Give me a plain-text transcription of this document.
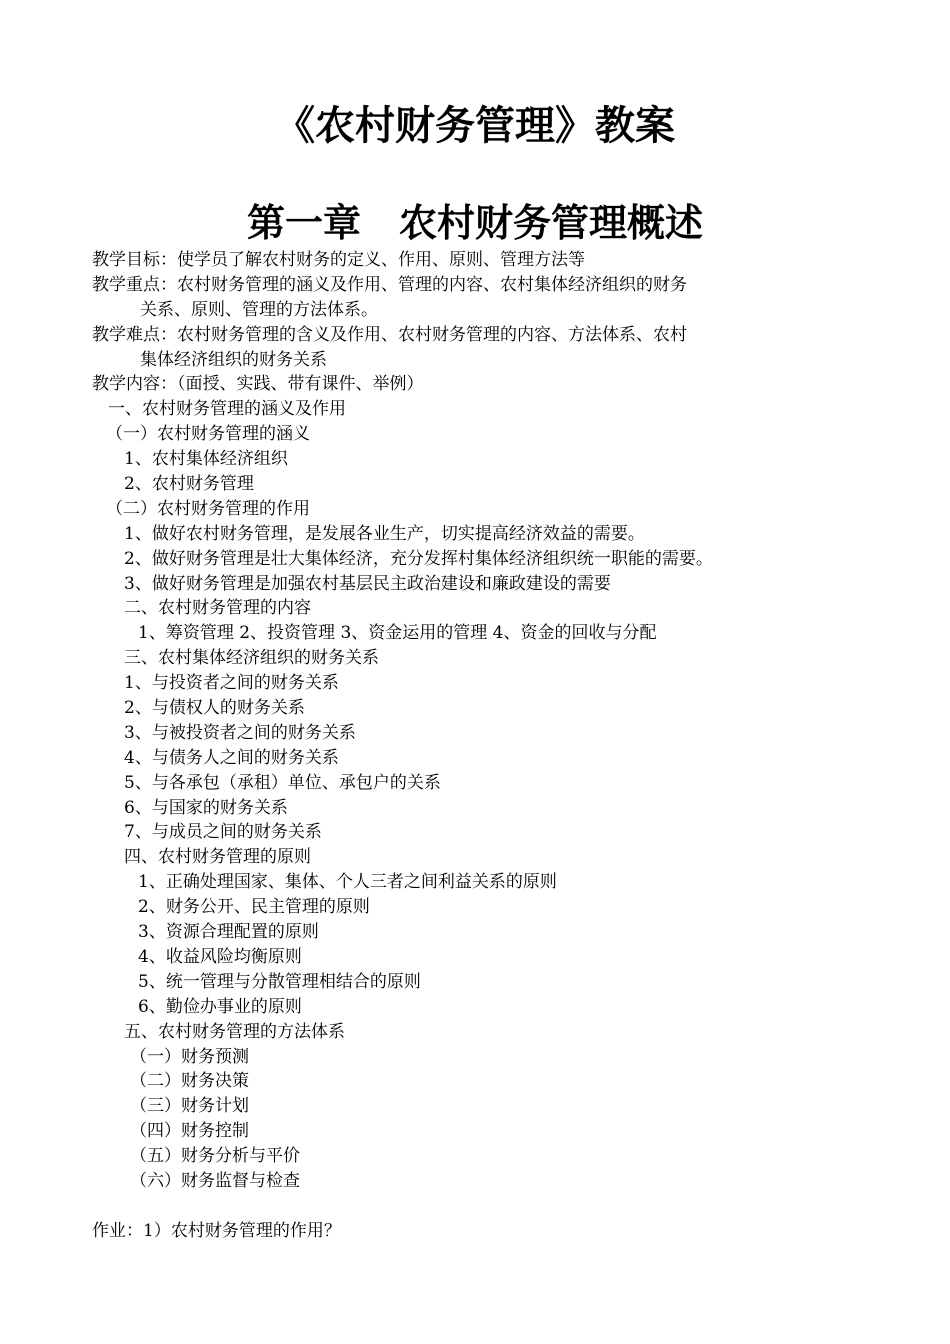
《农村财务管理》教案
第一章　农村财务管理概述
教学目标：使学员了解农村财务的定义、作用、原则、管理方法等
教学重点：农村财务管理的涵义及作用、管理的内容、农村集体经济组织的财务
关系、原则、管理的方法体系。
教学难点：农村财务管理的含义及作用、农村财务管理的内容、方法体系、农村
集体经济组织的财务关系
教学内容：（面授、实践、带有课件、举例）
一、农村财务管理的涵义及作用
（一）农村财务管理的涵义
1、农村集体经济组织
2、农村财务管理
（二）农村财务管理的作用
1、做好农村财务管理，是发展各业生产，切实提高经济效益的需要。
2、做好财务管理是壮大集体经济，充分发挥村集体经济组织统一职能的需要。
3、做好财务管理是加强农村基层民主政治建设和廉政建设的需要
二、农村财务管理的内容
1、筹资管理 2、投资管理 3、资金运用的管理 4、资金的回收与分配
三、农村集体经济组织的财务关系
1、与投资者之间的财务关系
2、与债权人的财务关系
3、与被投资者之间的财务关系
4、与债务人之间的财务关系
5、与各承包（承租）单位、承包户的关系
6、与国家的财务关系
7、与成员之间的财务关系
四、农村财务管理的原则
1、正确处理国家、集体、个人三者之间利益关系的原则
2、财务公开、民主管理的原则
3、资源合理配置的原则
4、收益风险均衡原则
5、统一管理与分散管理相结合的原则
6、勤俭办事业的原则
五、农村财务管理的方法体系
（一）财务预测
（二）财务决策
（三）财务计划
（四）财务控制
（五）财务分析与平价
（六）财务监督与检查
作业：1）农村财务管理的作用？
